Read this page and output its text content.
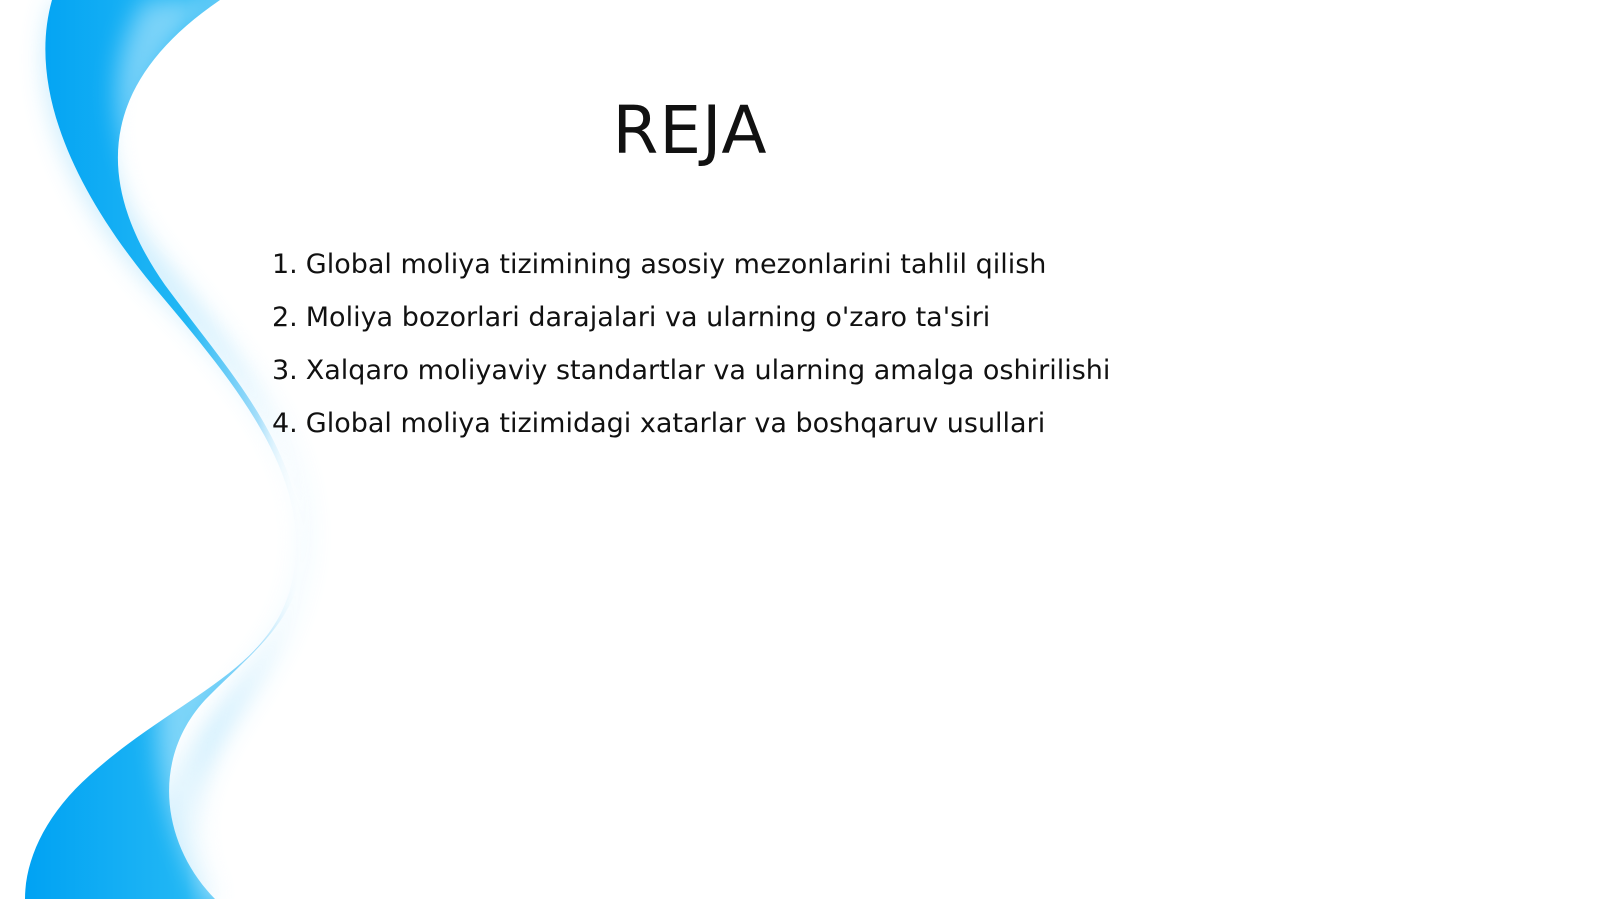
REJA
1. Global moliya tizimining asosiy mezonlarini tahlil qilish
2. Moliya bozorlari darajalari va ularning o'zaro ta'siri
3. Xalqaro moliyaviy standartlar va ularning amalga oshirilishi
4. Global moliya tizimidagi xatarlar va boshqaruv usullari
